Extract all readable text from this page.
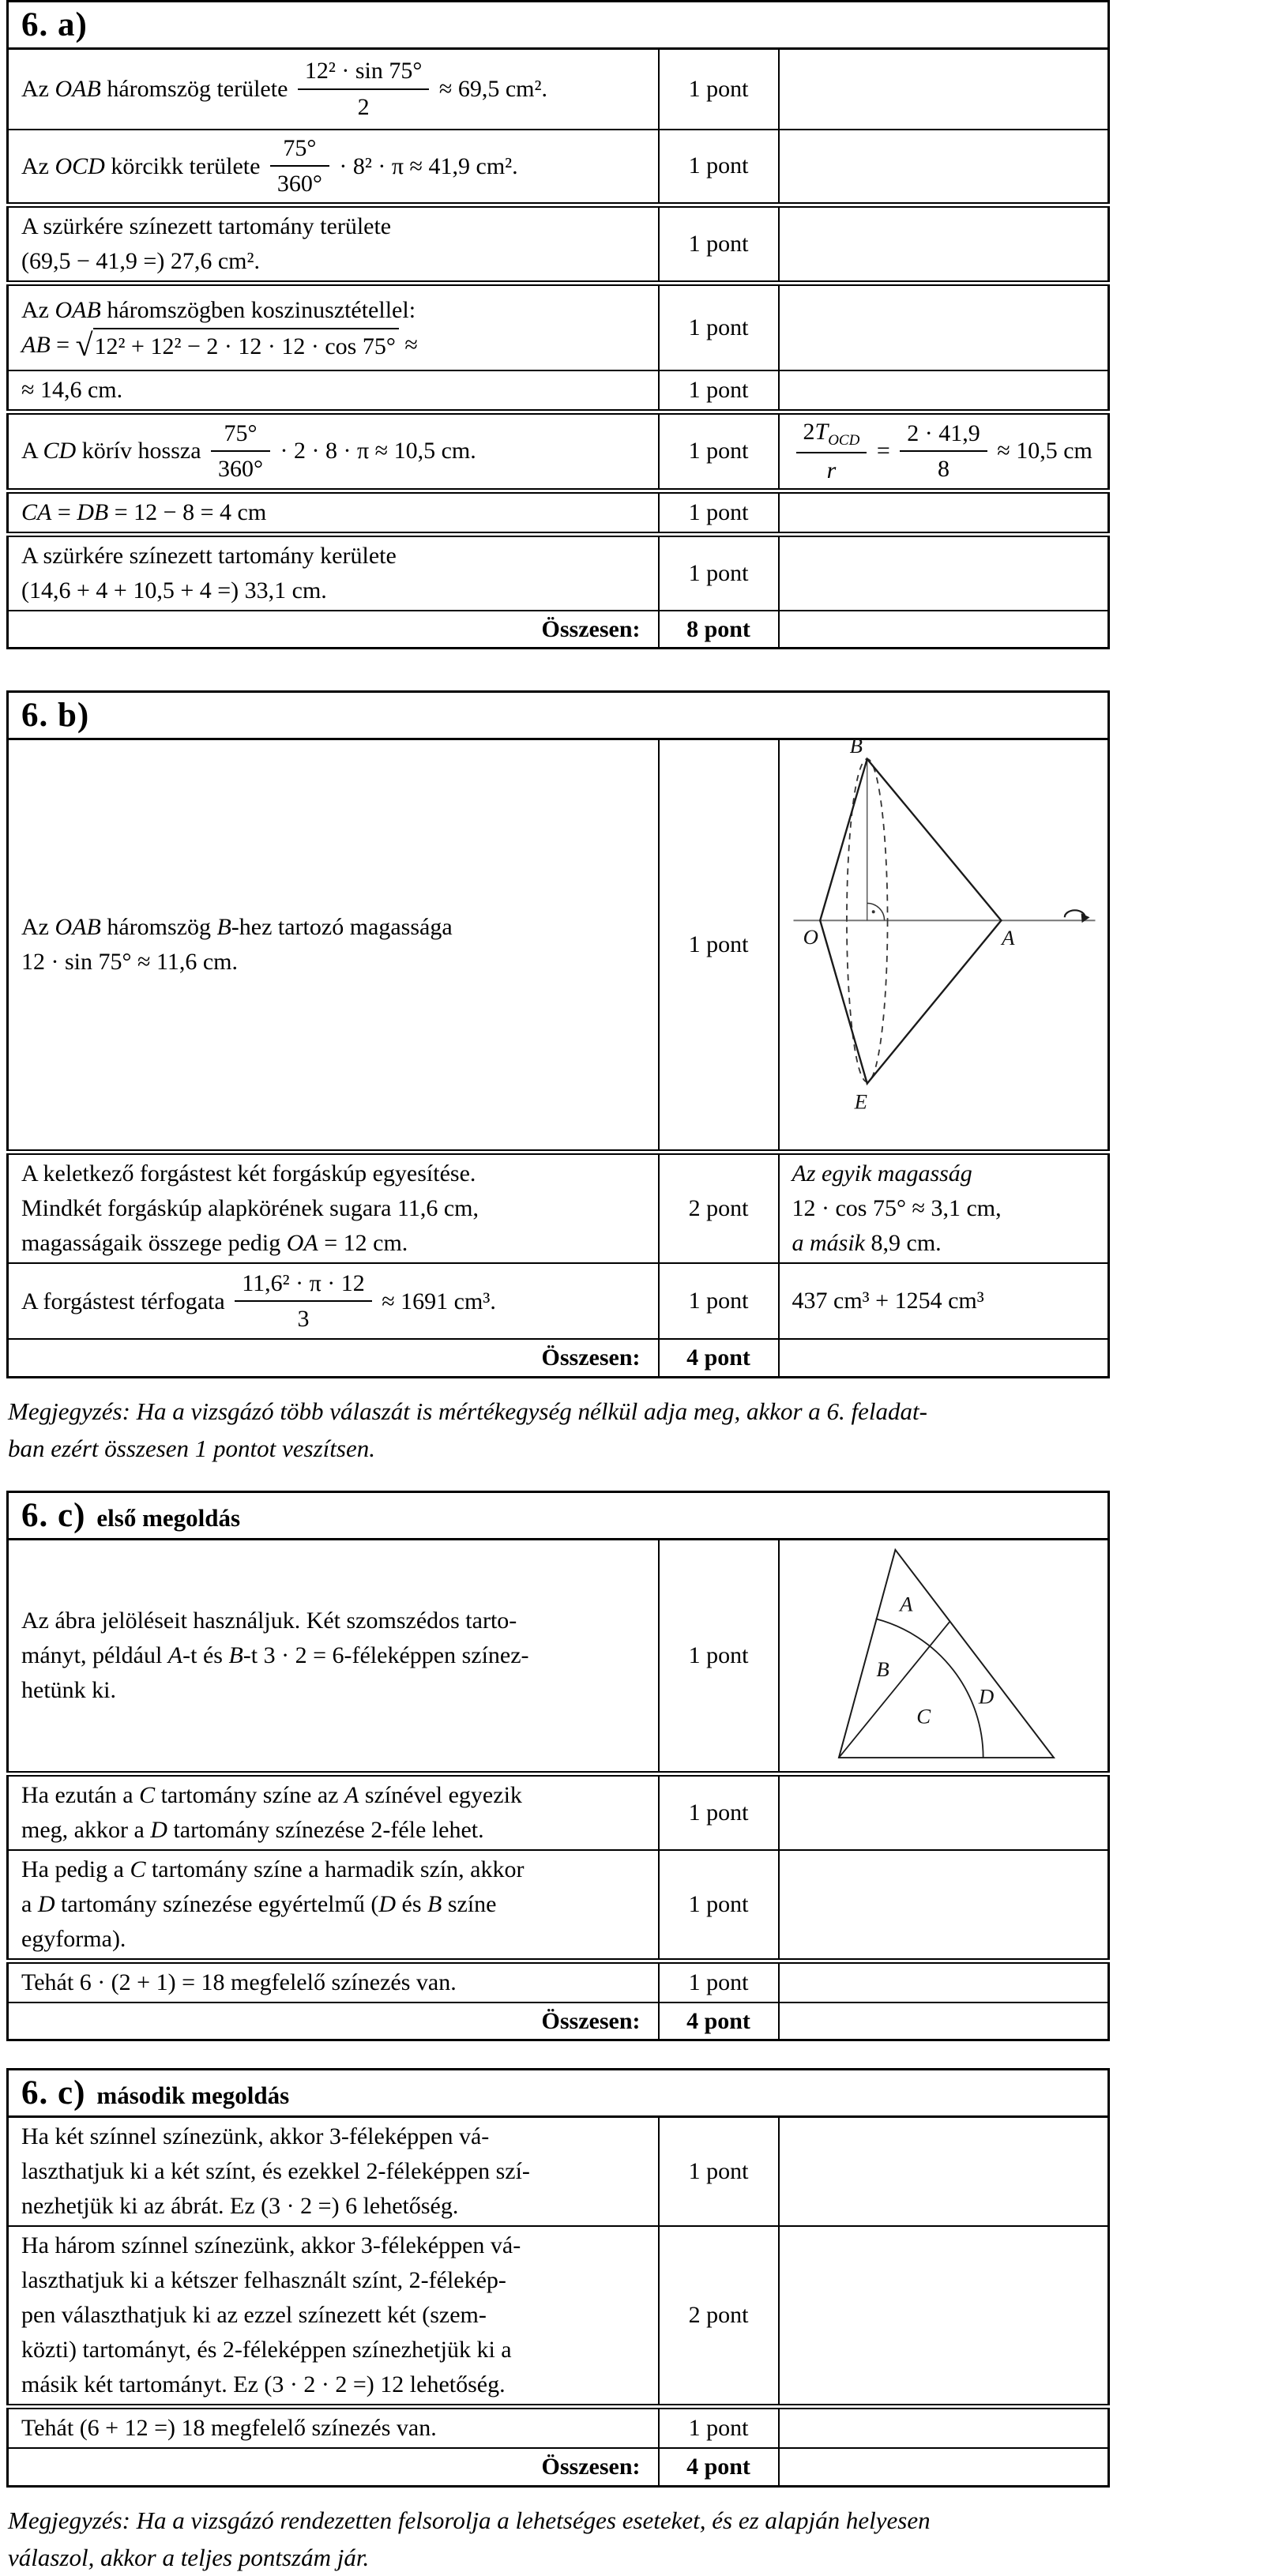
6. a)		

Az OAB háromszög területe $\frac{\text{12² · sin 75°}}{2} \approx 69,5$ cm².	1 pont	

Az OCD körcikk területe $\frac{75^\circ}{360^\circ} \cdot 8^2 \cdot \pi \approx 41,9$ cm².	1 pont	

A szürkére színezett tartomány területe
(69,5 − 41,9 =) 27,6 cm².	1 pont	

Az OAB háromszögben koszinusztétellel:
AB = √ 12² + 12² − 2 · 12 · 12 · cos 75° ≈	1 pont	

≈ 14,6 cm.	1 pont	

A CD körív hossza $\frac{75^\circ}{360^\circ} \cdot 2 \cdot 8 \cdot \pi \approx 10,5$ cm.	1 pont	$\frac{2T_{OCD}}{r} = \frac{2 \cdot 41,9}{8} \approx 10,5$ cm

CA = DB = 12 − 8 = 4 cm	1 pont	

A szürkére színezett tartomány kerülete
(14,6 + 4 + 10,5 + 4 =) 33,1 cm.	1 pont	
Összesen:	8 pont	
6. b)		

Az OAB háromszög B-hez tartozó magassága
12 · sin 75° ≈ 11,6 cm.
	1 pont	
B
O	A
E

A keletkező forgástest két forgáskúp egyesítése.
Mindkét forgáskúp alapkörének sugara 11,6 cm,
magasságaik összege pedig OA = 12 cm.
	2 pont	
Az egyik magasság
12 · cos 75° ≈ 3,1 cm,
a másik 8,9 cm.

A forgástest térfogata $\frac{\text{11,6² · π · 12}}{3} \approx 1691$ cm³.	1 pont	437 cm³ + 1254 cm³
Összesen:	4 pont	

Megjegyzés: Ha a vizsgázó több válaszát is mértékegység nélkül adja meg, akkor a 6. feladat-
ban ezért összesen 1 pontot veszítsen.

6. c) első megoldás		

Az ábra jelöléseit használjuk. Két szomszédos tarto-
mányt, például A-t és B-t 3 · 2 = 6-féleképpen színez-
hetünk ki.
	1 pont	
A
B
C
D

Ha ezután a C tartomány színe az A színével egyezik
meg, akkor a D tartomány színezése 2-féle lehet.	1 pont	

Ha pedig a C tartomány színe a harmadik szín, akkor
a D tartomány színezése egyértelmű (D és B színe
egyforma).	1 pont	

Tehát 6 · (2 + 1) = 18 megfelelő színezés van.	1 pont	
Összesen:	4 pont	
6. c) második megoldás		

Ha két színnel színezünk, akkor 3-féleképpen vá-
laszthatjuk ki a két színt, és ezekkel 2-féleképpen szí-
nezhetjük ki az ábrát. Ez (3 · 2 =) 6 lehetőség.	1 pont	

Ha három színnel színezünk, akkor 3-féleképpen vá-
laszthatjuk ki a kétszer felhasznált színt, 2-félekép-
pen választhatjuk ki az ezzel színezett két (szem-
közti) tartományt, és 2-féleképpen színezhetjük ki a
másik két tartományt. Ez (3 · 2 · 2 =) 12 lehetőség.	2 pont	

Tehát (6 + 12 =) 18 megfelelő színezés van.	1 pont	
Összesen:	4 pont	

Megjegyzés: Ha a vizsgázó rendezetten felsorolja a lehetséges eseteket, és ez alapján helyesen
válaszol, akkor a teljes pontszám jár.
